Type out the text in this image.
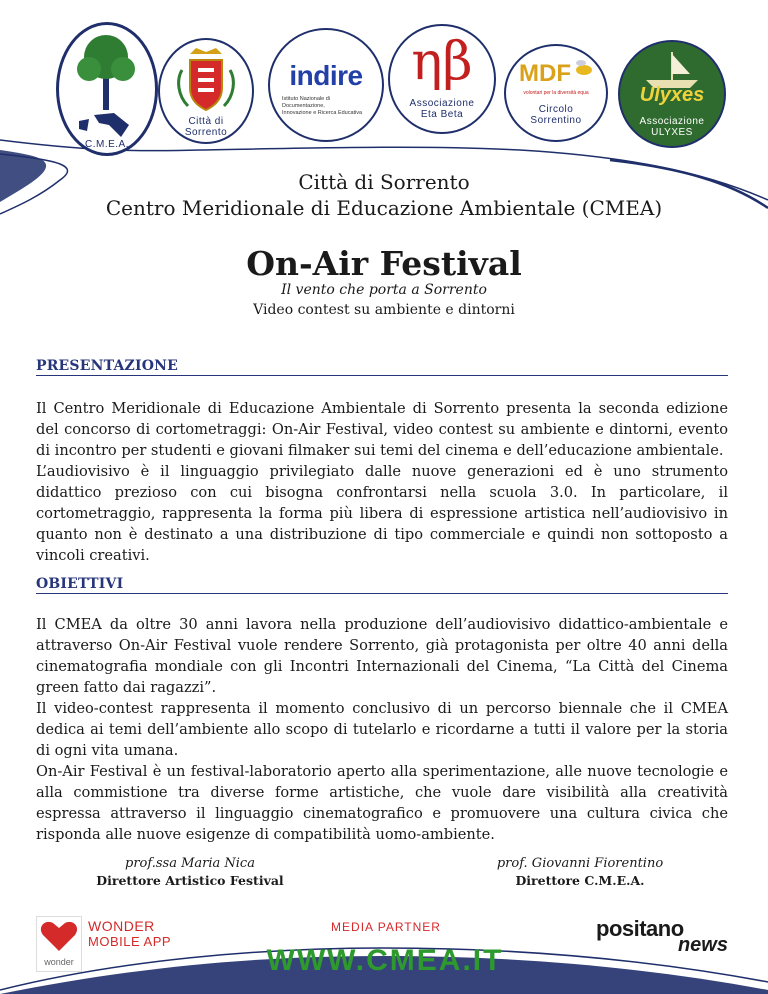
C.M.E.A.
Città di
Sorrento
indire
Istituto Nazionale di Documentazione,
Innovazione e Ricerca Educativa
ηβ
Associazione
Eta Beta
MDF
volontari per la diversità equa
Circolo
Sorrentino
Ulyxes
Associazione
ULYXES
Città di Sorrento
Centro Meridionale di Educazione Ambientale (CMEA)
On-Air Festival
Il vento che porta a Sorrento
Video contest su ambiente e dintorni
PRESENTAZIONE

Il Centro Meridionale di Educazione Ambientale di Sorrento presenta la seconda edizione del concorso di cortometraggi: On-Air Festival, video contest su ambiente e dintorni, evento di incontro per studenti e giovani filmaker sui temi del cinema e dell’educazione ambientale.

L’audiovisivo è il linguaggio privilegiato dalle nuove generazioni ed è uno strumento didattico prezioso con cui bisogna confrontarsi nella scuola 3.0. In particolare, il cortometraggio, rappresenta la forma più libera di espressione artistica nell’audiovisivo in quanto non è destinato a una distribuzione di tipo commerciale e quindi non sottoposto a vincoli creativi.

OBIETTIVI

Il CMEA da oltre 30 anni lavora nella produzione dell’audiovisivo didattico-ambientale e attraverso On-Air Festival vuole rendere Sorrento, già protagonista per oltre 40 anni della cinematografia mondiale con gli Incontri Internazionali del Cinema, “La Città del Cinema green fatto dai ragazzi”.

Il video-contest rappresenta il momento conclusivo di un percorso biennale che il CMEA dedica ai temi dell’ambiente allo scopo di tutelarlo e ricordarne a tutti il valore per la storia di ogni vita umana.

On-Air Festival è un festival-laboratorio aperto alla sperimentazione, alle nuove tecnologie e alla commistione tra diverse forme artistiche, che vuole dare visibilità alla creatività espressa attraverso il linguaggio cinematografico e promuovere una cultura civica che risponda alle nuove esigenze di compatibilità uomo-ambiente.

prof.ssa Maria Nica
Direttore Artistico Festival
prof. Giovanni Fiorentino
Direttore C.M.E.A.
wonder
WONDER
MOBILE APP
MEDIA PARTNER
WWW.CMEA.IT
positano
news
